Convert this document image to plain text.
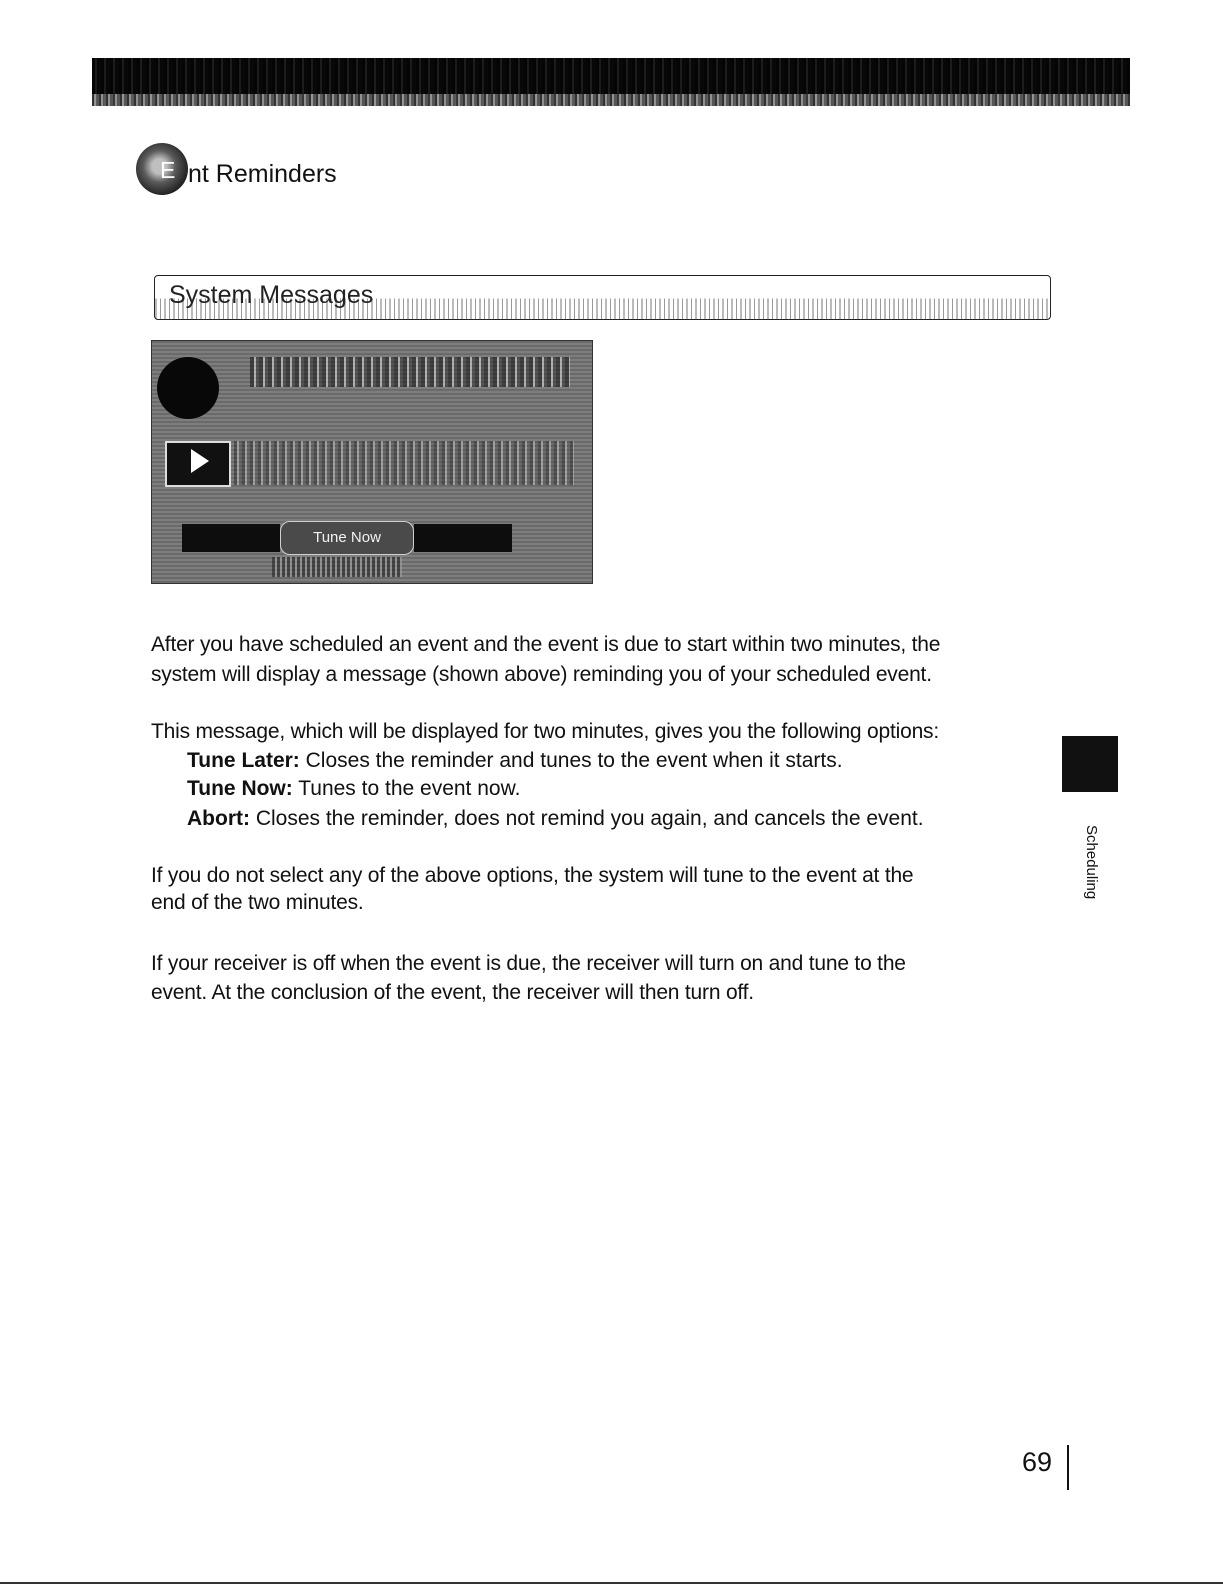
E nt Reminders
System Messages
Tune Now
After you have scheduled an event and the event is due to start within two minutes, the
system will display a message (shown above) reminding you of your scheduled event.
This message, which will be displayed for two minutes, gives you the following options:
Tune Later: Closes the reminder and tunes to the event when it starts.
Tune Now: Tunes to the event now.
Abort: Closes the reminder, does not remind you again, and cancels the event.
If you do not select any of the above options, the system will tune to the event at the
end of the two minutes.
If your receiver is off when the event is due, the receiver will turn on and tune to the
event. At the conclusion of the event, the receiver will then turn off.
Scheduling
69
